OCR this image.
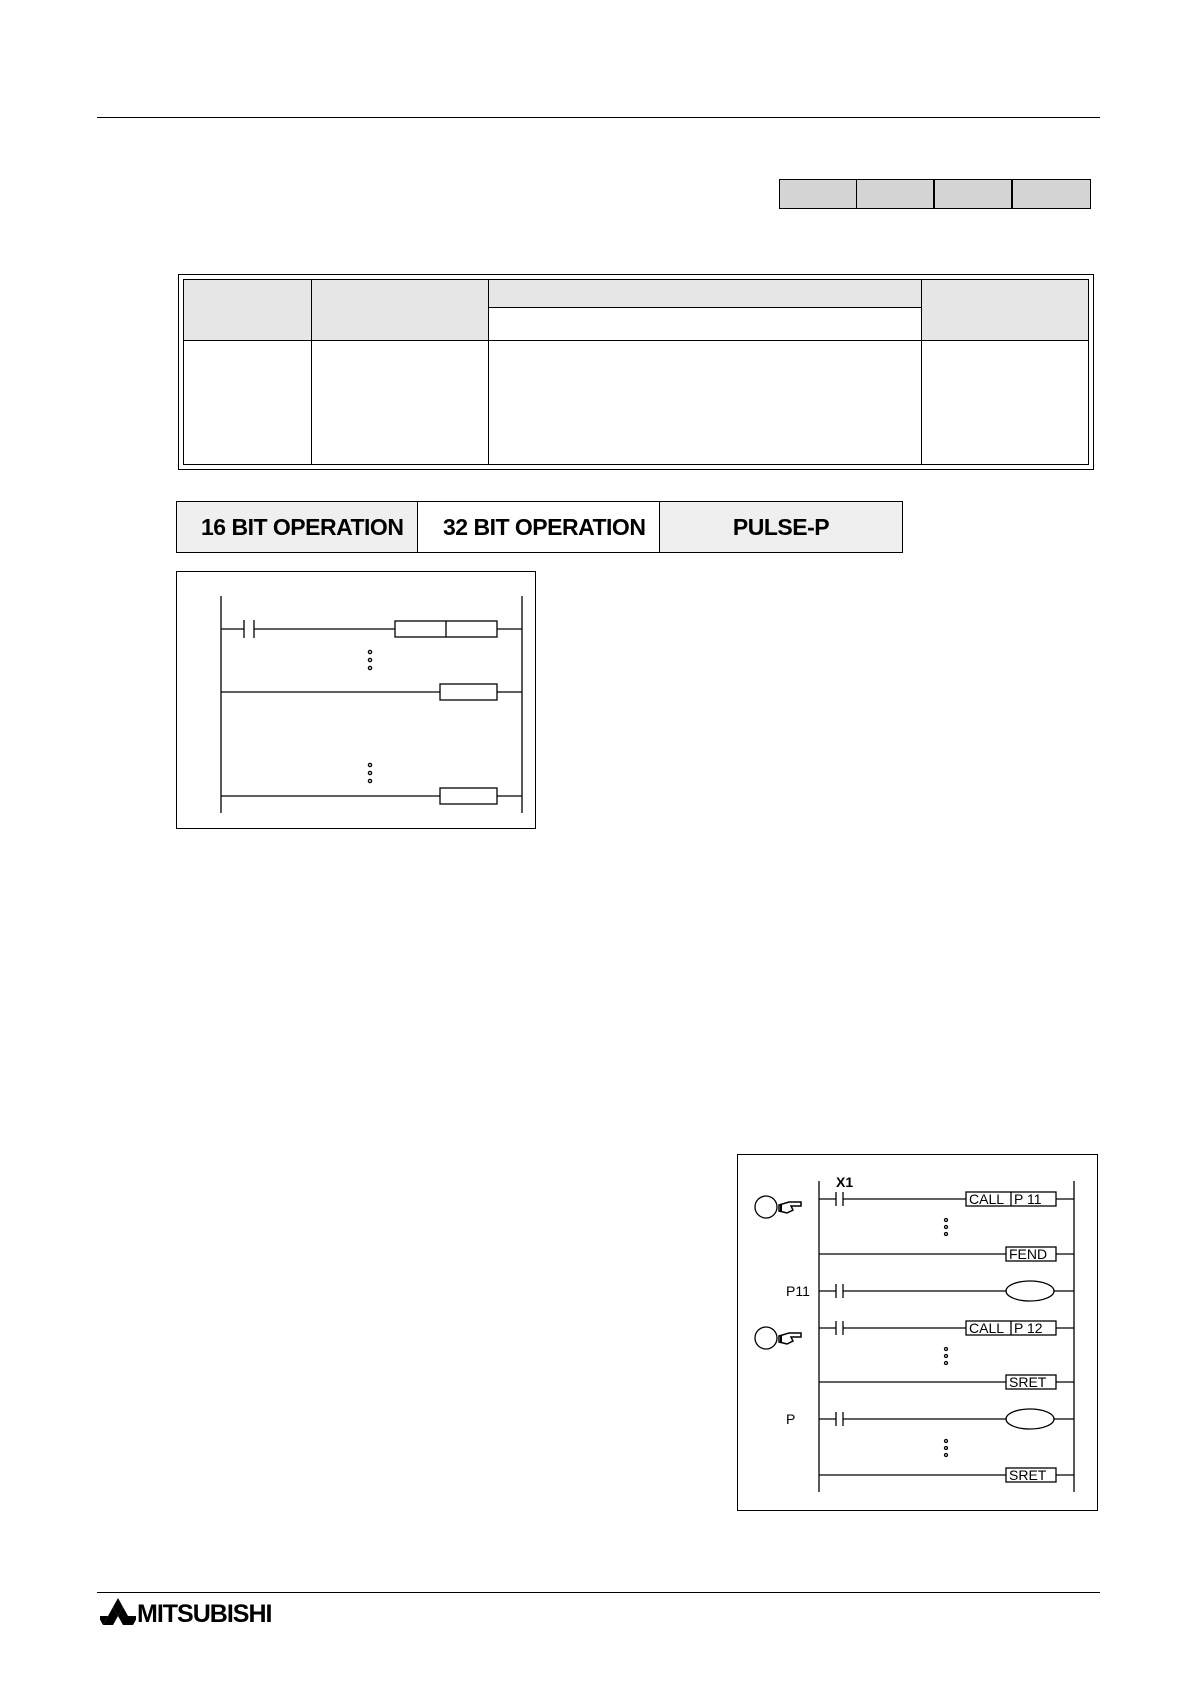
16 BIT OPERATION	32 BIT OPERATION	PULSE-P
X1
CALL P 11
FEND
P11
CALL P 12
SRET
P
SRET
MITSUBISHI
